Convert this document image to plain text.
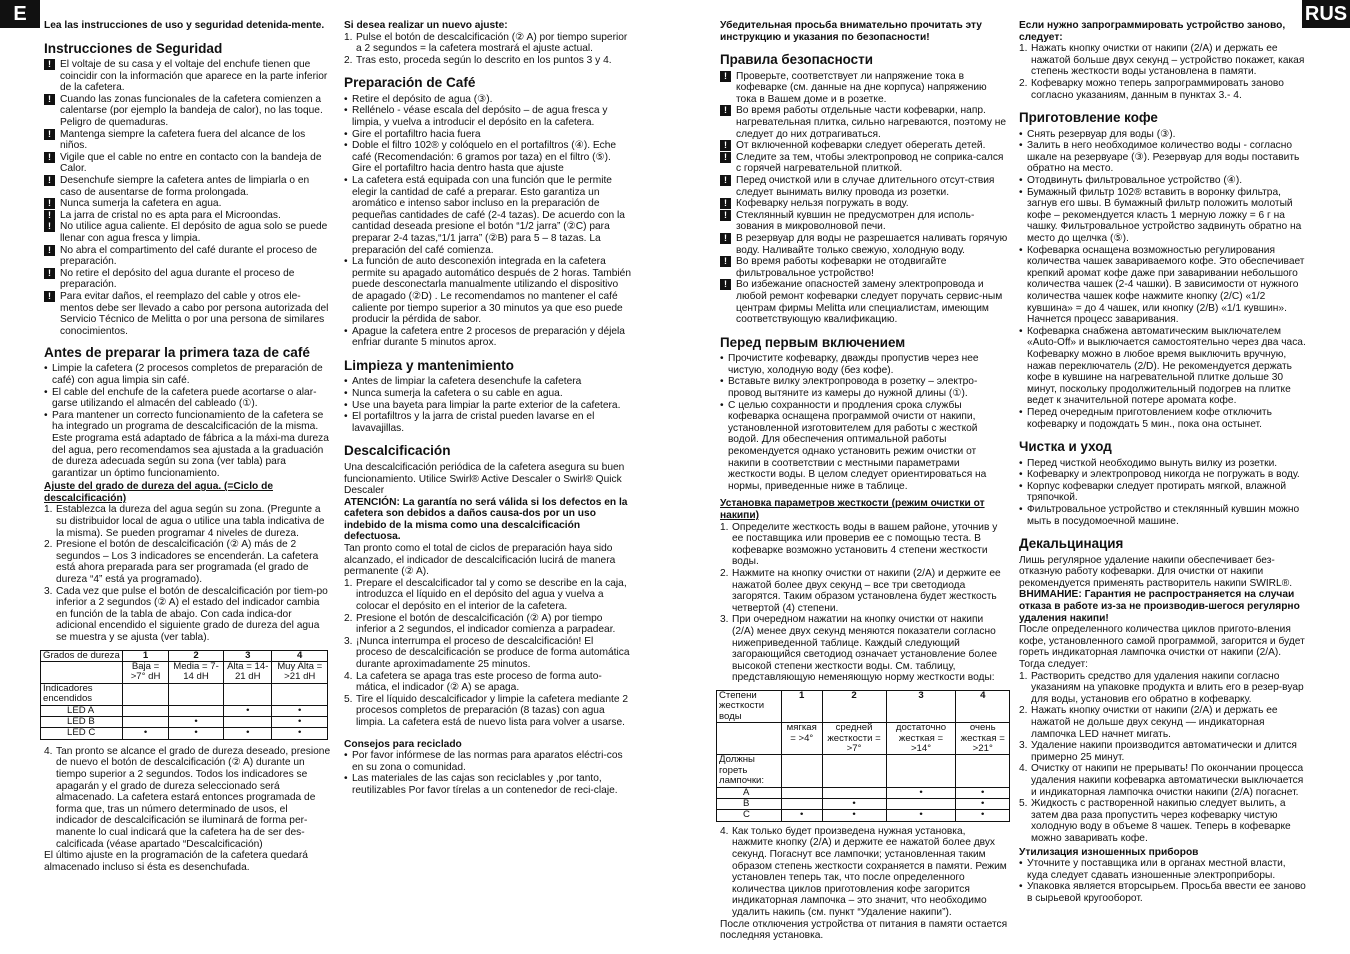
E	RUS

Lea las instrucciones de uso y seguridad detenida-mente.

Instrucciones de Seguridad
! El voltaje de su casa y el voltaje del enchufe tienen que coincidir con la información que aparece en la parte inferior de la cafetera.
! Cuando las zonas funcionales de la cafetera comienzen a calentarse (por ejemplo la bandeja de calor), no las toque. Peligro de quemaduras.
! Mantenga siempre la cafetera fuera del alcance de los niños.
! Vigile que el cable no entre en contacto con la bandeja de Calor.
! Desenchufe siempre la cafetera antes de limpiarla o en caso de ausentarse de forma prolongada.
! Nunca sumerja la cafetera en agua.
! La jarra de cristal no es apta para el Microondas.
! No utilice agua caliente. El depósito de agua solo se puede llenar con agua fresca y limpia.
! No abra el compartimento del café durante el proceso de preparación.
! No retire el depósito del agua durante el proceso de preparación.
! Para evitar daños, el reemplazo del cable y otros ele-mentos debe ser llevado a cabo por persona autorizada del Servicio Técnico de Melitta o por una persona de similares conocimientos.
Antes de preparar la primera taza de café
• Limpie la cafetera (2 procesos completos de preparación de café) con agua limpia sin café.
• El cable del enchufe de la cafetera puede acortarse o alar-garse utilizando el almacén del cableado (①).
• Para mantener un correcto funcionamiento de la cafetera se ha integrado un programa de descalcificación de la misma. Este programa está adaptado de fábrica a la máxi-ma dureza del agua, pero recomendamos sea ajustada a la graduación de dureza adecuada según su zona (ver tabla) para garantizar un óptimo funcionamiento.

Ajuste del grado de dureza del agua. (=Ciclo de descalcificación)

1. Establezca la dureza del agua según su zona. (Pregunte a su distribuidor local de agua o utilice una tabla indicativa de la misma). Se pueden programar 4 niveles de dureza.
2. Presione el botón de descalcificación (② A) más de 2 segundos – Los 3 indicadores se encenderán. La cafetera está ahora preparada para ser programada (el grado de dureza “4” está ya programado).
3. Cada vez que pulse el botón de descalcificación por tiem-po inferior a 2 segundos (② A) el estado del indicador cambia en función de la tabla de abajo. Con cada indica-dor adicional encendido el siguiente grado de dureza del agua se muestra y se ajusta (ver tabla).
Grados de dureza	1	2	3	4
	Baja = >7° dH	Media = 7-14 dH	Alta = 14-21 dH	Muy Alta = >21 dH
Indicadores encendidos				
LED A			•	•
LED B		•		•
LED C	•	•	•	•
4. Tan pronto se alcance el grado de dureza deseado, presione de nuevo el botón de descalcificación (② A) durante un tiempo superior a 2 segundos. Todos los indicadores se apagarán y el grado de dureza seleccionado será almacenado. La cafetera estará entonces programada de forma que, tras un número determinado de usos, el indicador de descalcificación se iluminará de forma per-manente lo cual indicará que la cafetera ha de ser des-calcificada (véase apartado “Descalcificación)

El último ajuste en la programación de la cafetera quedará almacenado incluso si ésta es desenchufada.

Si desea realizar un nuevo ajuste:

1. Pulse el botón de descalcificación (② A) por tiempo superior a 2 segundos = la cafetera mostrará el ajuste actual.
2. Tras esto, proceda según lo descrito en los puntos 3 y 4.
Preparación de Café
• Retire el depósito de agua (③).
• Rellénelo - véase escala del depósito – de agua fresca y limpia, y vuelva a introducir el depósito en la cafetera.
• Gire el portafiltro hacia fuera
• Doble el filtro 102® y colóquelo en el portafiltros (④). Eche café (Recomendación: 6 gramos por taza) en el filtro (⑤). Gire el portafiltro hacia dentro hasta que ajuste
• La cafetera está equipada con una función que le permite elegir la cantidad de café a preparar. Esto garantiza un aromático e intenso sabor incluso en la preparación de pequeñas cantidades de café (2-4 tazas). De acuerdo con la cantidad deseada presione el botón “1/2 jarra” (②C) para preparar 2-4 tazas,“1/1 jarra” (②B) para 5 – 8 tazas. La preparación del café comienza.
• La función de auto desconexión integrada en la cafetera permite su apagado automático después de 2 horas. También puede desconectarla manualmente utilizando el dispositivo de apagado (②D) . Le recomendamos no mantener el café caliente por tiempo superior a 30 minutos ya que eso puede producir la pérdida de sabor.
• Apague la cafetera entre 2 procesos de preparación y déjela enfriar durante 5 minutos aprox.
Limpieza y mantenimiento
• Antes de limpiar la cafetera desenchufe la cafetera
• Nunca sumerja la cafetera o su cable en agua.
• Use una bayeta para limpiar la parte exterior de la cafetera.
• El portafiltros y la jarra de cristal pueden lavarse en el lavavajillas.
Descalcificación

Una descalcificación periódica de la cafetera asegura su buen funcionamiento. Utilice Swirl® Active Descaler o Swirl® Quick Descaler

ATENCIÓN: La garantía no será válida si los defectos en la cafetera son debidos a daños causa-dos por un uso indebido de la misma como una descalcificación defectuosa.

Tan pronto como el total de ciclos de preparación haya sido alcanzado, el indicador de descalcificación lucirá de manera permanente (② A).

1. Prepare el descalcificador tal y como se describe en la caja, introduzca el líquido en el depósito del agua y vuelva a colocar el depósito en el interior de la cafetera.
2. Presione el botón de descalcificación (② A) por tiempo inferior a 2 segundos, el indicador comienza a parpadear.
3. ¡Nunca interrumpa el proceso de descalcificación! El proceso de descalcificación se produce de forma automática durante aproximadamente 25 minutos.
4. La cafetera se apaga tras este proceso de forma auto-mática, el indicador (② A) se apaga.
5. Tire el líquido descalcificador y limpie la cafetera mediante 2 procesos completos de preparación (8 tazas) con agua limpia. La cafetera está de nuevo lista para volver a usarse.

Consejos para reciclado

• Por favor infórmese de las normas para aparatos eléctri-cos en su zona o comunidad.
• Las materiales de las cajas son reciclables y ,por tanto, reutilizables Por favor tírelas a un contenedor de reci-claje.

Убедительная просьба внимательно прочитать эту инструкцию и указания по безопасности!

Правила безопасности
! Проверьте, соответствует ли напряжение тока в кофеварке (см. данные на дне корпуса) напряжению тока в Вашем доме и в розетке.
! Во время работы отдельные части кофеварки, напр. нагревательная плитка, сильно нагреваются, поэтому не следует до них дотрагиваться.
! От включенной кофеварки следует оберегать детей.
! Следите за тем, чтобы электропровод не соприка-сался с горячей нагревательной плиткой.
! Перед очисткой или в случае длительного отсут-ствия следует вынимать вилку провода из розетки.
! Кофеварку нельзя погружать в воду.
! Стеклянный кувшин не предусмотрен для исполь-зования в микроволновой печи.
! В резервуар для воды не разрешается наливать горячую воду. Наливайте только свежую, холодную воду.
! Во время работы кофеварки не отодвигайте фильтровальное устройство!
! Во избежание опасностей замену электропровода и любой ремонт кофеварки следует поручать сервис-ным центрам фирмы Melitta или специалистам, имеющим соответствующую квалификацию.
Перед первым включением
• Прочистите кофеварку, дважды пропустив через нее чистую, холодную воду (без кофе).
• Вставьте вилку электропровода в розетку – электро-провод вытяните из камеры до нужной длины (①).
• С целью сохранности и продления срока службы кофеварка оснащена программой очисти от накипи, установленной изготовителем для работы с жесткой водой. Для обеспечения оптимальной работы рекомендуется однако установить режим очистки от накипи в соответствии с местными параметрами жесткости воды. В целом следует ориентироваться на нормы, приведенные ниже в таблице.

Установка параметров жесткости (режим очистки от накипи)

1. Определите жесткость воды в вашем районе, уточнив у ее поставщика или проверив ее с помощью теста. В кофеварке возможно установить 4 степени жесткости воды.
2. Нажмите на кнопку очистки от накипи (2/A) и держите ее нажатой более двух секунд – все три светодиода загорятся. Таким образом установлена будет жесткость четвертой (4) степени.
3. При очередном нажатии на кнопку очистки от накипи (2/A) менее двух секунд меняются показатели согласно нижеприведенной таблице. Каждый следующий загорающийся светодиод означает установление более высокой степени жесткости воды. См. таблицу, представляющую неменяющую норму жесткости воды:
Степени жесткости воды	1	2	3	4
	мягкая = >4°	средней жесткости = >7°	достаточно жесткая = >14°	очень жесткая = >21°
Должны гореть лампочки:				
A			•	•
B		•		•
C	•	•	•	•
4. Как только будет произведена нужная установка, нажмите кнопку (2/A) и держите ее нажатой более двух секунд. Погаснут все лампочки; установленная таким образом степень жесткости сохраняется в памяти. Режим установлен теперь так, что после определенного количества циклов приготовления кофе загорится индикаторная лампочка – это значит, что необходимо удалить накипь (см. пункт “Удаление накипи”).

После отключения устройства от питания в памяти остается последняя установка.

Если нужно запрограммировать устройство заново, следует:

1. Нажать кнопку очистки от накипи (2/A) и держать ее нажатой больше двух секунд – устройство покажет, какая степень жесткости воды установлена в памяти.
2. Кофеварку можно теперь запрограммировать заново согласно указаниям, данным в пунктах 3.- 4.
Приготовление кофе
• Снять резервуар для воды (③).
• Залить в него необходимое количество воды - согласно шкале на резервуаре (③). Резервуар для воды поставить обратно на место.
• Отодвинуть фильтровальное устройство (④).
• Бумажный фильтр 102® вставить в воронку фильтра, загнув его швы. В бумажный фильтр положить молотый кофе – рекомендуется класть 1 мерную ложку = 6 г на чашку. Фильтровальное устройство задвинуть обратно на место до щелчка (⑤).
• Кофеварка оснащена возможностью регулирования количества чашек завариваемого кофе. Это обеспечивает крепкий аромат кофе даже при заваривании небольшого количества чашек (2-4 чашки). В зависимости от нужного количества чашек кофе нажмите кнопку (2/C) «1/2 кувшина» = до 4 чашек, или кнопку (2/B) «1/1 кувшин». Начнется процесс заваривания.
• Кофеварка снабжена автоматическим выключателем «Auto-Off» и выключается самостоятельно через два часа. Кофеварку можно в любое время выключить вручную, нажав переключатель (2/D). Не рекомендуется держать кофе в кувшине на нагревательной плитке дольше 30 минут, поскольку продолжительный подогрев на плитке ведет к значительной потере аромата кофе.
• Перед очередным приготовлением кофе отключить кофеварку и подождать 5 мин., пока она остынет.
Чистка и уход
• Перед чисткой необходимо вынуть вилку из розетки.
• Кофеварку и электропровод никогда не погружать в воду.
• Корпус кофеварки следует протирать мягкой, влажной тряпочкой.
• Фильтровальное устройство и стеклянный кувшин можно мыть в посудомоечной машине.
Декальцинация

Лишь регулярное удаление накипи обеспечивает без-отказную работу кофеварки. Для очистки от накипи рекомендуется применять растворитель накипи SWIRL®.

ВНИМАНИЕ: Гарантия не распространяется на случаи отказа в работе из-за не производив-шегося регулярно удаления накипи!

После определенного количества циклов пригото-вления кофе, установленного самой программой, загорится и будет гореть индикаторная лампочка очистки от накипи (2/A). Тогда следует:

1. Растворить средство для удаления накипи согласно указаниям на упаковке продукта и влить его в резер-вуар для воды, установив его обратно в кофеварку.
2. Нажать кнопку очистки от накипи (2/A) и держать ее нажатой не дольше двух секунд — индикаторная лампочка LED начнет мигать.
3. Удаление накипи производится автоматически и длится примерно 25 минут.
4. Очистку от накипи не прерывать! По окончании процесса удаления накипи кофеварка автоматически выключается и индикаторная лампочка очистки накипи (2/A) погаснет.
5. Жидкость с растворенной накипью следует вылить, а затем два раза пропустить через кофеварку чистую холодную воду в объеме 8 чашек. Теперь в кофеварке можно заваривать кофе.

Утилизация изношенных приборов

• Уточните у поставщика или в органах местной власти, куда следует сдавать изношенные электроприборы.
• Упаковка является вторсырьем. Просьба ввести ее заново в сырьевой кругооборот.
